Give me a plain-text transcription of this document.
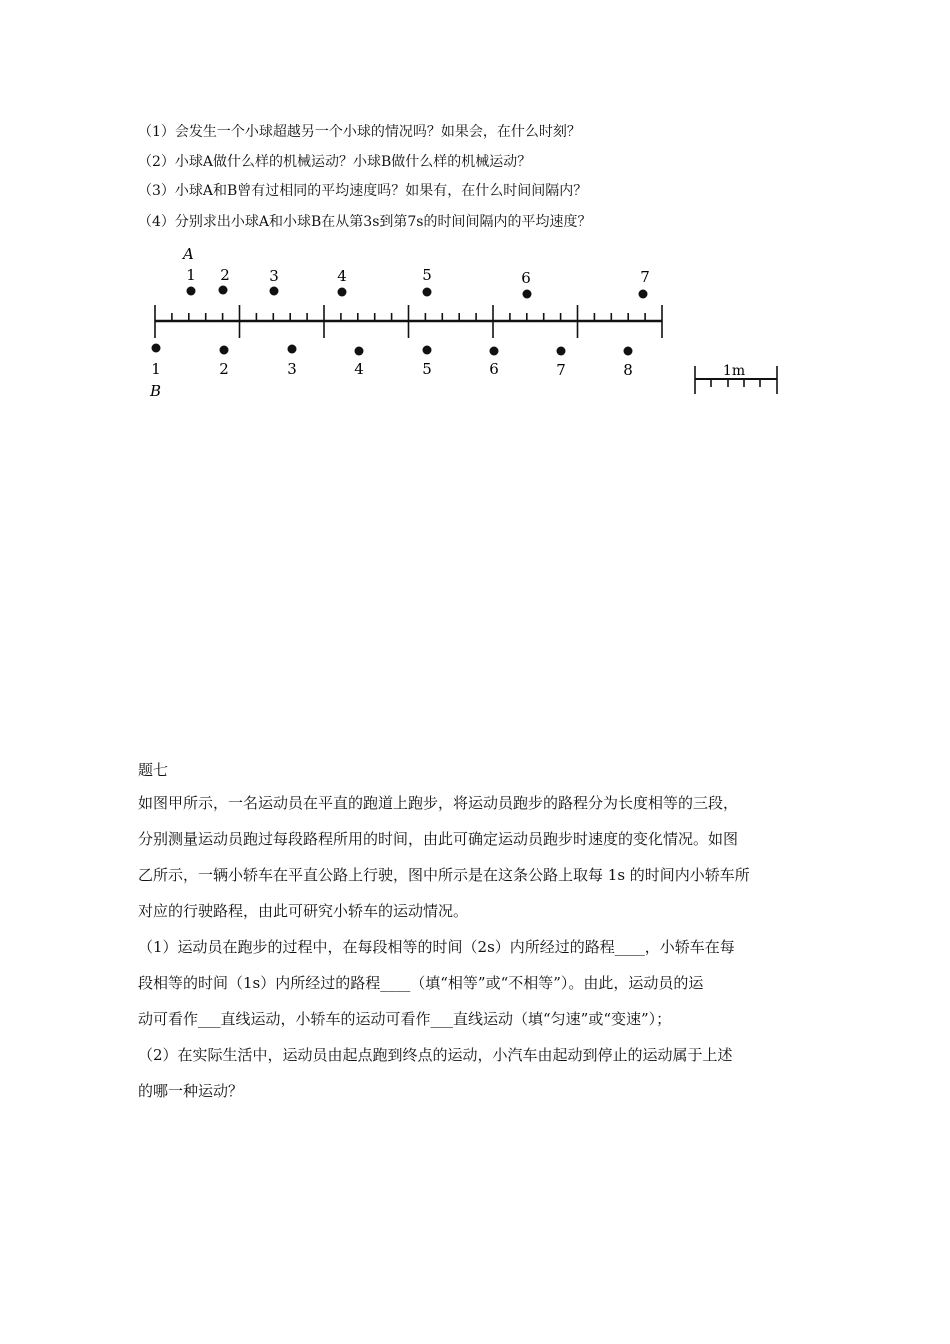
（1）会发生一个小球超越另一个小球的情况吗？如果会，在什么时刻？
（2）小球A做什么样的机械运动？小球B做什么样的机械运动？
（3）小球A和B曾有过相同的平均速度吗？如果有，在什么时间间隔内？
（4）分别求出小球A和小球B在从第3s到第7s的时间间隔内的平均速度？
A
B
1 2	3	4	5	6	7
1	2	3	4	5	6	7	8	1m
题七

如图甲所示，一名运动员在平直的跑道上跑步，将运动员跑步的路程分为长度相等的三段，

分别测量运动员跑过每段路程所用的时间，由此可确定运动员跑步时速度的变化情况。如图

乙所示，一辆小轿车在平直公路上行驶，图中所示是在这条公路上取每 1s 的时间内小轿车所

对应的行驶路程，由此可研究小轿车的运动情况。

（1）运动员在跑步的过程中，在每段相等的时间（2s）内所经过的路程____，小轿车在每

段相等的时间（1s）内所经过的路程____（填“相等”或“不相等”）。由此，运动员的运

动可看作___直线运动，小轿车的运动可看作___直线运动（填“匀速”或“变速”）；

（2）在实际生活中，运动员由起点跑到终点的运动，小汽车由起动到停止的运动属于上述

的哪一种运动？
